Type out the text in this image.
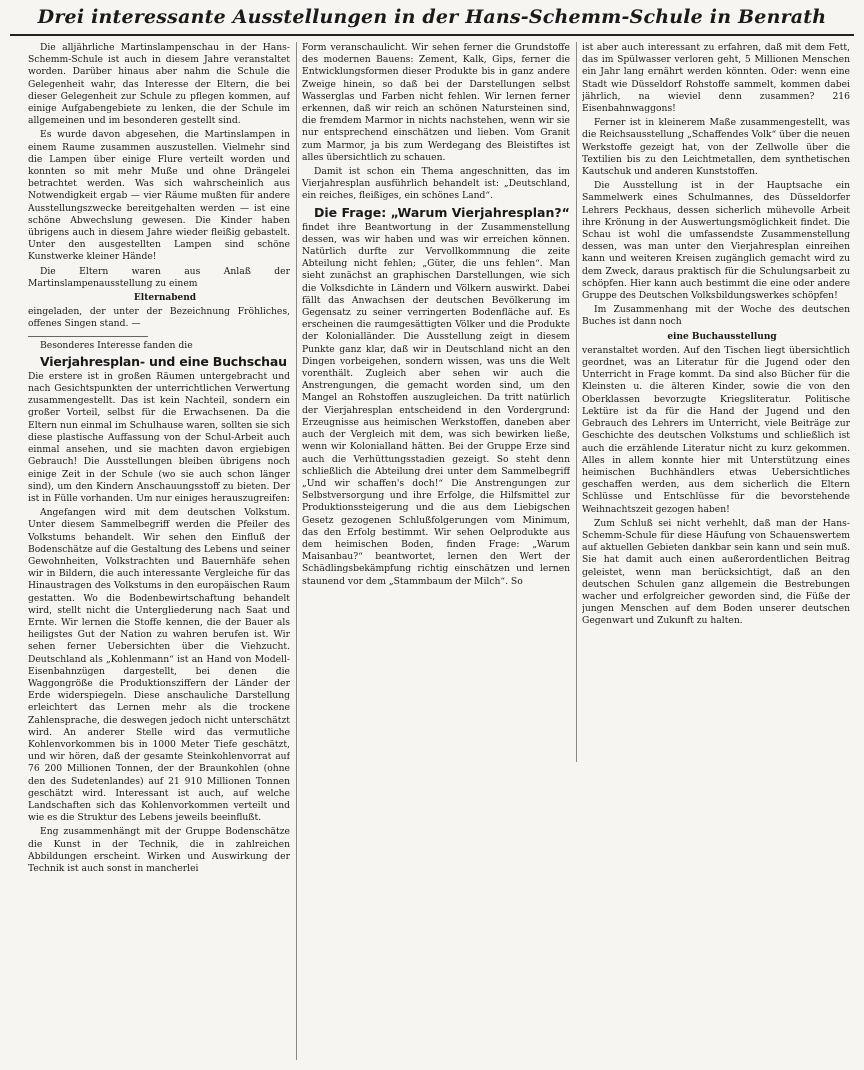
Drei interessante Ausstellungen in der Hans-Schemm-Schule in Benrath

Die alljährliche Martinslampenschau in der Hans-Schemm-Schule ist auch in diesem Jahre veranstaltet worden. Darüber hinaus aber nahm die Schule die Gelegenheit wahr, das Interesse der Eltern, die bei dieser Gelegenheit zur Schule zu pflegen kommen, auf einige Aufgabengebiete zu lenken, die der Schule im allgemeinen und im besonderen gestellt sind.

Es wurde davon abgesehen, die Martinslampen in einem Raume zusammen auszustellen. Vielmehr sind die Lampen über einige Flure verteilt worden und konnten so mit mehr Muße und ohne Drängelei betrachtet werden. Was sich wahrscheinlich aus Notwendigkeit ergab — vier Räume mußten für andere Ausstellungszwecke bereitgehalten werden — ist eine schöne Abwechslung gewesen. Die Kinder haben übrigens auch in diesem Jahre wieder fleißig gebastelt. Unter den ausgestellten Lampen sind schöne Kunstwerke kleiner Hände!

Die Eltern waren aus Anlaß der Martinslampenausstellung zu einem

Elternabend

eingeladen, der unter der Bezeichnung Fröhliches, offenes Singen stand. —

Besonderes Interesse fanden die

Vierjahresplan- und eine Buchschau

Die erstere ist in großen Räumen untergebracht und nach Gesichtspunkten der unterrichtlichen Verwertung zusammengestellt. Das ist kein Nachteil, sondern ein großer Vorteil, selbst für die Erwachsenen. Da die Eltern nun einmal im Schulhause waren, sollten sie sich diese plastische Auffassung von der Schul-Arbeit auch einmal ansehen, und sie machten davon ergiebigen Gebrauch! Die Ausstellungen bleiben übrigens noch einige Zeit in der Schule (wo sie auch schon länger sind), um den Kindern Anschauungsstoff zu bieten. Der ist in Fülle vorhanden. Um nur einiges herauszugreifen:

Angefangen wird mit dem deutschen Volkstum. Unter diesem Sammelbegriff werden die Pfeiler des Volkstums behandelt. Wir sehen den Einfluß der Bodenschätze auf die Gestaltung des Lebens und seiner Gewohnheiten, Volkstrachten und Bauernhäfe sehen wir in Bildern, die auch interessante Vergleiche für das Hinaustragen des Volkstums in den europäischen Raum gestatten. Wo die Bodenbewirtschaftung behandelt wird, stellt nicht die Untergliederung nach Saat und Ernte. Wir lernen die Stoffe kennen, die der Bauer als heiligstes Gut der Nation zu wahren berufen ist. Wir sehen ferner Uebersichten über die Viehzucht. Deutschland als „Kohlenmann“ ist an Hand von Modell-Eisenbahnzügen dargestellt, bei denen die Waggongröße die Produktionsziffern der Länder der Erde widerspiegeln. Diese anschauliche Darstellung erleichtert das Lernen mehr als die trockene Zahlensprache, die deswegen jedoch nicht unterschätzt wird. An anderer Stelle wird das vermutliche Kohlenvorkommen bis in 1000 Meter Tiefe geschätzt, und wir hören, daß der gesamte Steinkohlenvorrat auf 76 200 Millionen Tonnen, der der Braunkohlen (ohne den des Sudetenlandes) auf 21 910 Millionen Tonnen geschätzt wird. Interessant ist auch, auf welche Landschaften sich das Kohlenvorkommen verteilt und wie es die Struktur des Lebens jeweils beeinflußt.

Eng zusammenhängt mit der Gruppe Bodenschätze die Kunst in der Technik, die in zahlreichen Abbildungen erscheint. Wirken und Auswirkung der Technik ist auch sonst in mancherlei

Form veranschaulicht. Wir sehen ferner die Grundstoffe des modernen Bauens: Zement, Kalk, Gips, ferner die Entwicklungsformen dieser Produkte bis in ganz andere Zweige hinein, so daß bei der Darstellungen selbst Wasserglas und Farben nicht fehlen. Wir lernen ferner erkennen, daß wir reich an schönen Natursteinen sind, die fremdem Marmor in nichts nachstehen, wenn wir sie nur entsprechend einschätzen und lieben. Vom Granit zum Marmor, ja bis zum Werdegang des Bleistiftes ist alles übersichtlich zu schauen.

Damit ist schon ein Thema angeschnitten, das im Vierjahresplan ausführlich behandelt ist: „Deutschland, ein reiches, fleißiges, ein schönes Land“.

Die Frage: „Warum Vierjahresplan?“

findet ihre Beantwortung in der Zusammenstellung dessen, was wir haben und was wir erreichen können. Natürlich durfte zur Vervollkommnung die zeite Abteilung nicht fehlen; „Güter, die uns fehlen“. Man sieht zunächst an graphischen Darstellungen, wie sich die Volksdichte in Ländern und Völkern auswirkt. Dabei fällt das Anwachsen der deutschen Bevölkerung im Gegensatz zu seiner verringerten Bodenfläche auf. Es erscheinen die raumgesättigten Völker und die Produkte der Kolonialländer. Die Ausstellung zeigt in diesem Punkte ganz klar, daß wir in Deutschland nicht an den Dingen vorbeigehen, sondern wissen, was uns die Welt vorenthält. Zugleich aber sehen wir auch die Anstrengungen, die gemacht worden sind, um den Mangel an Rohstoffen auszugleichen. Da tritt natürlich der Vierjahresplan entscheidend in den Vordergrund: Erzeugnisse aus heimischen Werkstoffen, daneben aber auch der Vergleich mit dem, was sich bewirken ließe, wenn wir Kolonialland hätten. Bei der Gruppe Erze sind auch die Verhüttungsstadien gezeigt. So steht denn schließlich die Abteilung drei unter dem Sammelbegriff „Und wir schaffen's doch!“ Die Anstrengungen zur Selbstversorgung und ihre Erfolge, die Hilfsmittel zur Produktionssteigerung und die aus dem Liebigschen Gesetz gezogenen Schlußfolgerungen vom Minimum, das den Erfolg bestimmt. Wir sehen Oelprodukte aus dem heimischen Boden, finden Frage: „Warum Maisanbau?“ beantwortet, lernen den Wert der Schädlingsbekämpfung richtig einschätzen und lernen staunend vor dem „Stammbaum der Milch“. So

ist aber auch interessant zu erfahren, daß mit dem Fett, das im Spülwasser verloren geht, 5 Millionen Menschen ein Jahr lang ernährt werden könnten. Oder: wenn eine Stadt wie Düsseldorf Rohstoffe sammelt, kommen dabei jährlich, na wieviel denn zusammen? 216 Eisenbahnwaggons!

Ferner ist in kleinerem Maße zusammengestellt, was die Reichsausstellung „Schaffendes Volk“ über die neuen Werkstoffe gezeigt hat, von der Zellwolle über die Textilien bis zu den Leichtmetallen, dem synthetischen Kautschuk und anderen Kunststoffen.

Die Ausstellung ist in der Hauptsache ein Sammelwerk eines Schulmannes, des Düsseldorfer Lehrers Peckhaus, dessen sicherlich mühevolle Arbeit ihre Krönung in der Auswertungsmöglichkeit findet. Die Schau ist wohl die umfassendste Zusammenstellung dessen, was man unter den Vierjahresplan einreihen kann und weiteren Kreisen zugänglich gemacht wird zu dem Zweck, daraus praktisch für die Schulungsarbeit zu schöpfen. Hier kann auch bestimmt die eine oder andere Gruppe des Deutschen Volksbildungswerkes schöpfen!

Im Zusammenhang mit der Woche des deutschen Buches ist dann noch

eine Buchausstellung

veranstaltet worden. Auf den Tischen liegt übersichtlich geordnet, was an Literatur für die Jugend oder den Unterricht in Frage kommt. Da sind also Bücher für die Kleinsten u. die älteren Kinder, sowie die von den Oberklassen bevorzugte Kriegsliteratur. Politische Lektüre ist da für die Hand der Jugend und den Gebrauch des Lehrers im Unterricht, viele Beiträge zur Geschichte des deutschen Volkstums und schließlich ist auch die erzählende Literatur nicht zu kurz gekommen. Alles in allem konnte hier mit Unterstützung eines heimischen Buchhändlers etwas Uebersichtliches geschaffen werden, aus dem sicherlich die Eltern Schlüsse und Entschlüsse für die bevorstehende Weihnachtszeit gezogen haben!

Zum Schluß sei nicht verhehlt, daß man der Hans-Schemm-Schule für diese Häufung von Schauenswertem auf aktuellen Gebieten dankbar sein kann und sein muß. Sie hat damit auch einen außerordentlichen Beitrag geleistet, wenn man berücksichtigt, daß an den deutschen Schulen ganz allgemein die Bestrebungen wacher und erfolgreicher geworden sind, die Füße der jungen Menschen auf dem Boden unserer deutschen Gegenwart und Zukunft zu halten.
